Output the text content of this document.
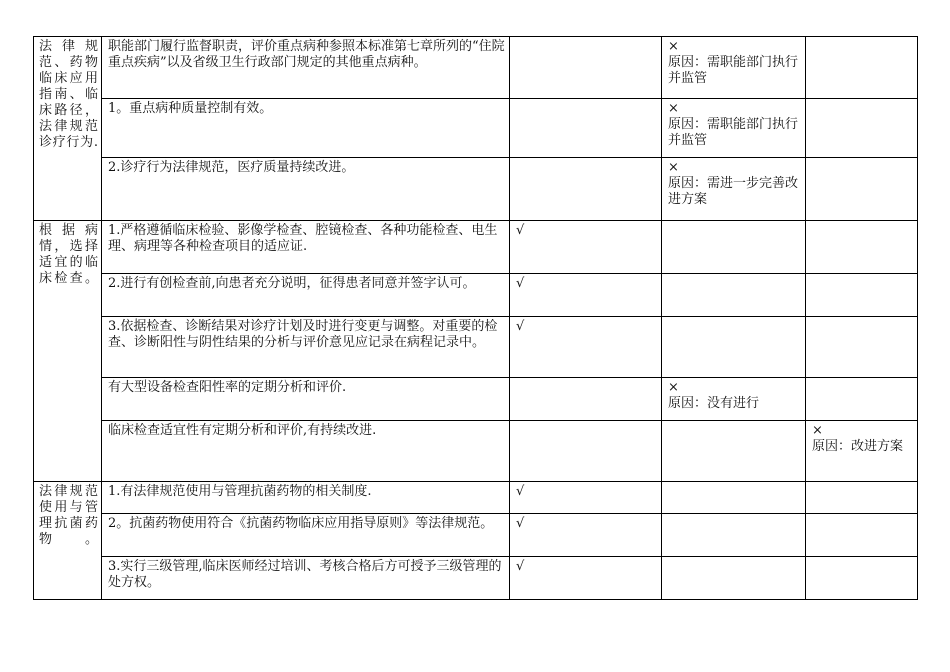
法律规范、药物临床应用指南、临床路径，法律规范诊疗行为.	职能部门履行监督职责，评价重点病种参照本标准第七章所列的“住院重点疾病”以及省级卫生行政部门规定的其他重点病种。		×
原因：需职能部门执行并监管	

	1。重点病种质量控制有效。		×
原因：需职能部门执行并监管	

	2.诊疗行为法律规范，医疗质量持续改进。		×
原因：需进一步完善改进方案	

根据病情，选择适宜的临床检查。	1.严格遵循临床检验、影像学检查、腔镜检查、各种功能检查、电生理、病理等各种检查项目的适应证.	√		

	2.进行有创检查前,向患者充分说明，征得患者同意并签字认可。	√		

	3.依据检查、诊断结果对诊疗计划及时进行变更与调整。对重要的检查、诊断阳性与阴性结果的分析与评价意见应记录在病程记录中。	√		

	有大型设备检查阳性率的定期分析和评价.		×
原因：没有进行	

	临床检查适宜性有定期分析和评价,有持续改进.			×
原因：改进方案

法律规范使用与管理抗菌药物。	1.有法律规范使用与管理抗菌药物的相关制度.	√		

	2。抗菌药物使用符合《抗菌药物临床应用指导原则》等法律规范。	√		

	3.实行三级管理,临床医师经过培训、考核合格后方可授予三级管理的处方权。	√		
